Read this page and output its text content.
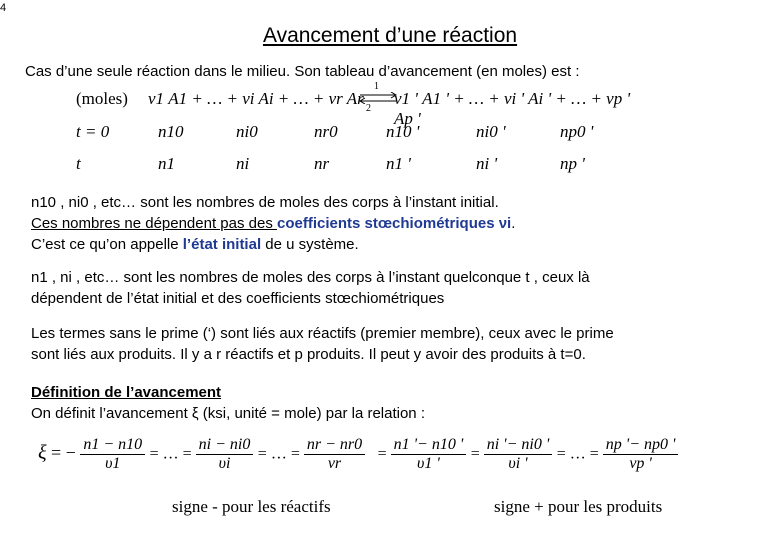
4
Avancement d’une réaction
Cas d’une seule réaction dans le milieu. Son tableau d’avancement (en moles) est :
(moles) ν1 A1 + … + νi Ai + … + νr Ar
1
2
ν1 ' A1 ' + … + νi ' Ai ' + … + νp ' Ap '
t = 0	n10	ni0	nr0	n10 '	ni0 '	np0 '
t	n1	ni	nr	n1 '	ni '	np '
n10 , ni0 , etc… sont les nombres de moles des corps à l’instant initial.
Ces nombres ne dépendent pas des coefficients stœchiométriques νi.
C’est ce qu’on appelle l’état initial de u système.
n1 , ni , etc… sont les nombres de moles des corps à l’instant quelconque t , ceux là
dépendent de l’état initial et des coefficients stœchiométriques
Les termes sans le prime (‘) sont liés aux réactifs (premier membre), ceux avec le prime
sont liés aux produits. Il y a r réactifs et p produits. Il peut y avoir des produits à t=0.
Définition de l’avancement
On définit l’avancement ξ (ksi, unité = mole) par la relation :
ξ = − $\frac{n1 - n10}{\upsilon 1}$ = … = $\frac{ni - ni0}{\upsilon i}$ = … = $\frac{nr - nr0}{\nu r} = \frac{n1 '- n10 '}{\upsilon 1 '} = \frac{ni '- ni0 '}{\upsilon i '}$ = … = $\frac{np '- np0 '}{\nu p '}$
signe - pour les réactifs	signe + pour les produits
